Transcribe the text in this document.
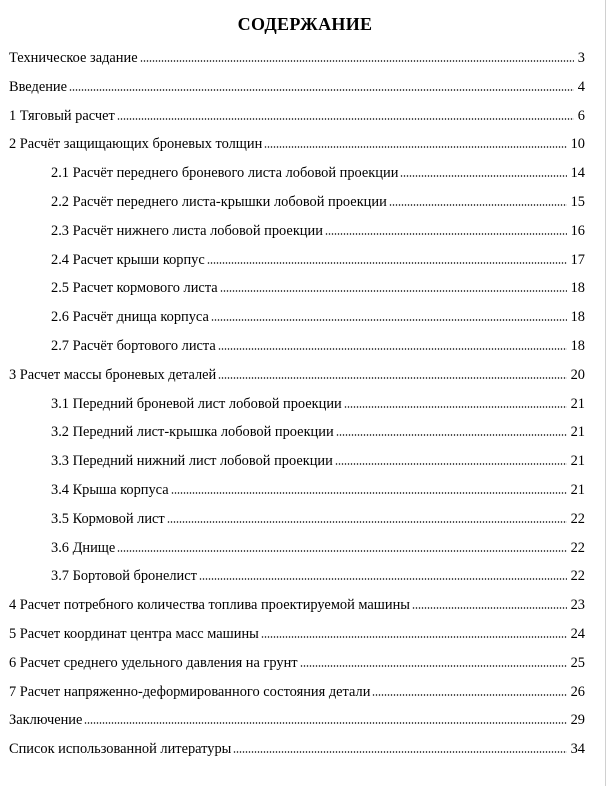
СОДЕРЖАНИЕ
Техническое задание	3
Введение	4
1 Тяговый расчет	6
2 Расчёт защищающих броневых толщин	10
2.1 Расчёт переднего броневого листа лобовой проекции	14
2.2 Расчёт переднего листа-крышки лобовой проекции	15
2.3 Расчёт нижнего листа лобовой проекции	16
2.4 Расчет крыши корпус	17
2.5 Расчет кормового листа	18
2.6 Расчёт днища корпуса	18
2.7 Расчёт бортового листа	18
3 Расчет массы броневых деталей	20
3.1 Передний броневой лист лобовой проекции	21
3.2 Передний лист-крышка лобовой проекции	21
3.3 Передний нижний лист лобовой проекции	21
3.4 Крыша корпуса	21
3.5 Кормовой лист	22
3.6 Днище	22
3.7 Бортовой бронелист	22
4 Расчет потребного количества топлива проектируемой машины	23
5 Расчет координат центра масс машины	24
6 Расчет среднего удельного давления на грунт	25
7 Расчет напряженно-деформированного состояния детали	26
Заключение	29
Список использованной литературы	34
